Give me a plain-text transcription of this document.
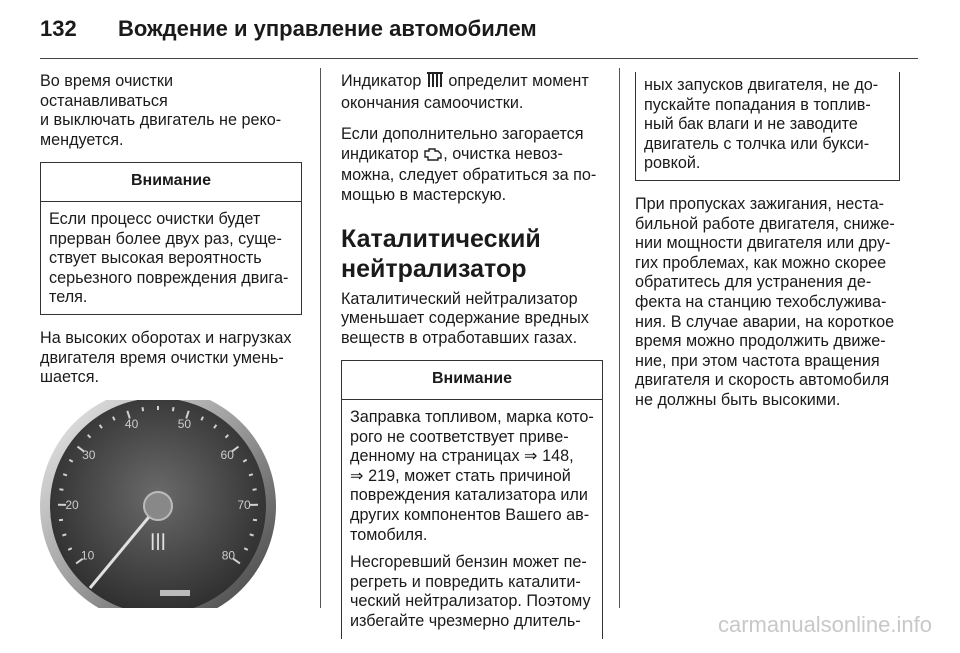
132 Вождение и управление автомобилем

Во время очистки останавливаться
и выключать двигатель не реко-
мендуется.

Внимание
Если процесс очистки будет
прерван более двух раз, суще-
ствует высокая вероятность
серьезного повреждения двига-
теля.

На высоких оборотах и нагрузках
двигателя время очистки умень-
шается.

10
20
30
40	50
60
70
80
ꟾꟾꟾ

Индикатор определит момент
окончания самоочистки.

Если дополнительно загорается
индикатор , очистка невоз-
можна, следует обратиться за по-
мощью в мастерскую.

Каталитический
нейтрализатор

Каталитический нейтрализатор
уменьшает содержание вредных
веществ в отработавших газах.

Внимание

Заправка топливом, марка кото-
рого не соответствует приве-
денному на страницах ⇒ 148,
⇒ 219, может стать причиной
повреждения катализатора или
других компонентов Вашего ав-
томобиля.

Несгоревший бензин может пе-
регреть и повредить каталити-
ческий нейтрализатор. Поэтому
избегайте чрезмерно длитель-

ных запусков двигателя, не до-
пускайте попадания в топлив-
ный бак влаги и не заводите
двигатель с толчка или букси-
ровкой.

При пропусках зажигания, неста-
бильной работе двигателя, сниже-
нии мощности двигателя или дру-
гих проблемах, как можно скорее
обратитесь для устранения де-
фекта на станцию техобслужива-
ния. В случае аварии, на короткое
время можно продолжить движе-
ние, при этом частота вращения
двигателя и скорость автомобиля
не должны быть высокими.

carmanualsonline.info
